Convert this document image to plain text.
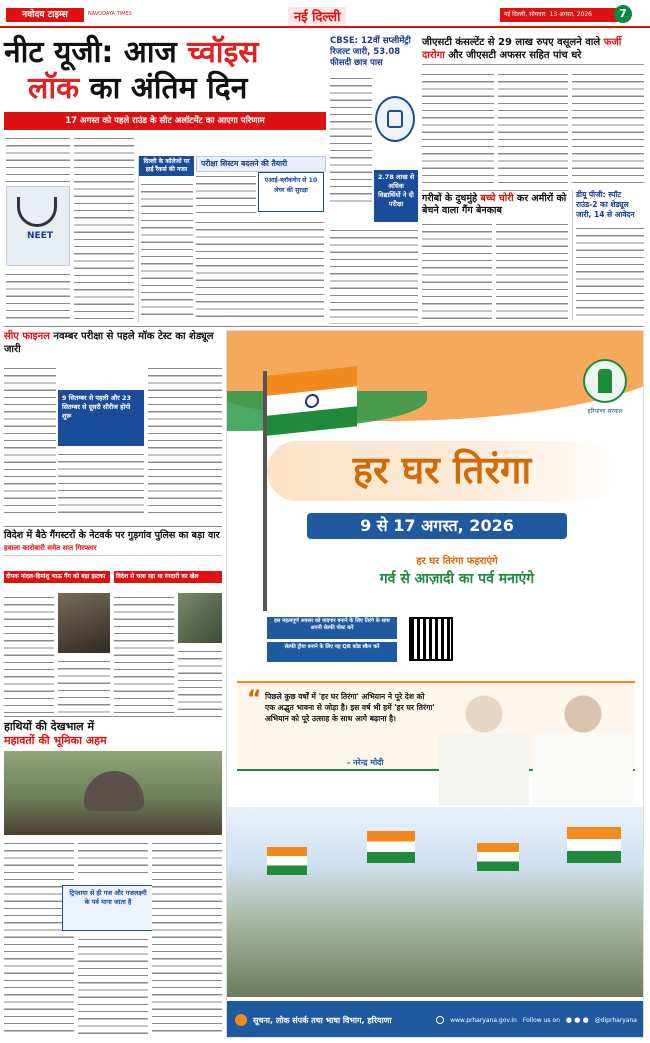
नवोदय टाइम्स	NAVODAYA TIMES	नई दिल्ली	नई दिल्ली, सोमवार 13 अगस्त, 2026	7
नीट यूजी: आज च्वॉइस
लॉक का अंतिम दिन
17 अगस्त को पहले राउंड के सीट अलॉटमेंट का आएगा परिणाम
NEET
दिल्ली के कॉलेजों पर हाई रैंकर्स की नजर
परीक्षा सिस्टम बदलने की तैयारी
एआई-ब्लॉकचेन से 10 लेयर की सुरक्षा
CBSE: 12वीं सप्लीमेंट्री रिजल्ट जारी, 53.08 फीसदी छात्र पास
2.78 लाख से अधिक विद्यार्थियों ने दी परीक्षा
जीएसटी कंसल्टेंट से 29 लाख रुपए वसूलने वाले फर्जी दारोगा और जीएसटी अफसर सहित पांच धरे
गरीबों के दुधमुंहे बच्चे चोरी कर अमीरों को बेचने वाला गैंग बेनकाब
डीयू पीजी: स्पॉट राउंड-2 का शेड्यूल जारी, 14 से आवेदन
सीए फाइनल नवम्बर परीक्षा से पहले मॉक टेस्ट का शेड्यूल जारी
9 सितम्बर से पहली और 23 सितम्बर से दूसरी सीरीज होगी शुरू
विदेश में बैठे गैंगस्टरों के नेटवर्क पर गुड़गांव पुलिस का बड़ा वार
हवाला कारोबारी समेत सात गिरफ्तार
दीपक नांदल-हिमांशु भाऊ गैंग को बड़ा झटका	विदेश से चला रहा था रंगदारी का खेल
हाथियों की देखभाल में
महावतों की भूमिका अहम
ट्रिप्लाया से ही गज और गजलक्ष्मी के पर्व माना जाता है
हरियाणा सरकार
हर घर तिरंगा
9 से 17 अगस्त, 2026
हर घर तिरंगा फहराएंगे
गर्व से आज़ादी का पर्व मनाएंगे
इस महत्वपूर्ण अवसर को यादगार बनाने के लिए तिरंगे के साथ अपनी सेल्फी पोस्ट करें
सेल्फी ट्रीया बनाने के लिए यह QR कोड स्कैन करें
“ पिछले कुछ वर्षों में 'हर घर तिरंगा' अभियान ने पूरे देश को एक अद्भुत भावना से जोड़ा है। इस वर्ष भी हमें 'हर घर तिरंगा' अभियान को पूरे उत्साह के साथ आगे बढ़ाना है।
- नरेन्द्र मोदी
सूचना, लोक संपर्क तथा भाषा विभाग, हरियाणा	www.prharyana.gov.in Follow us on ● ● ● @diprharyana
